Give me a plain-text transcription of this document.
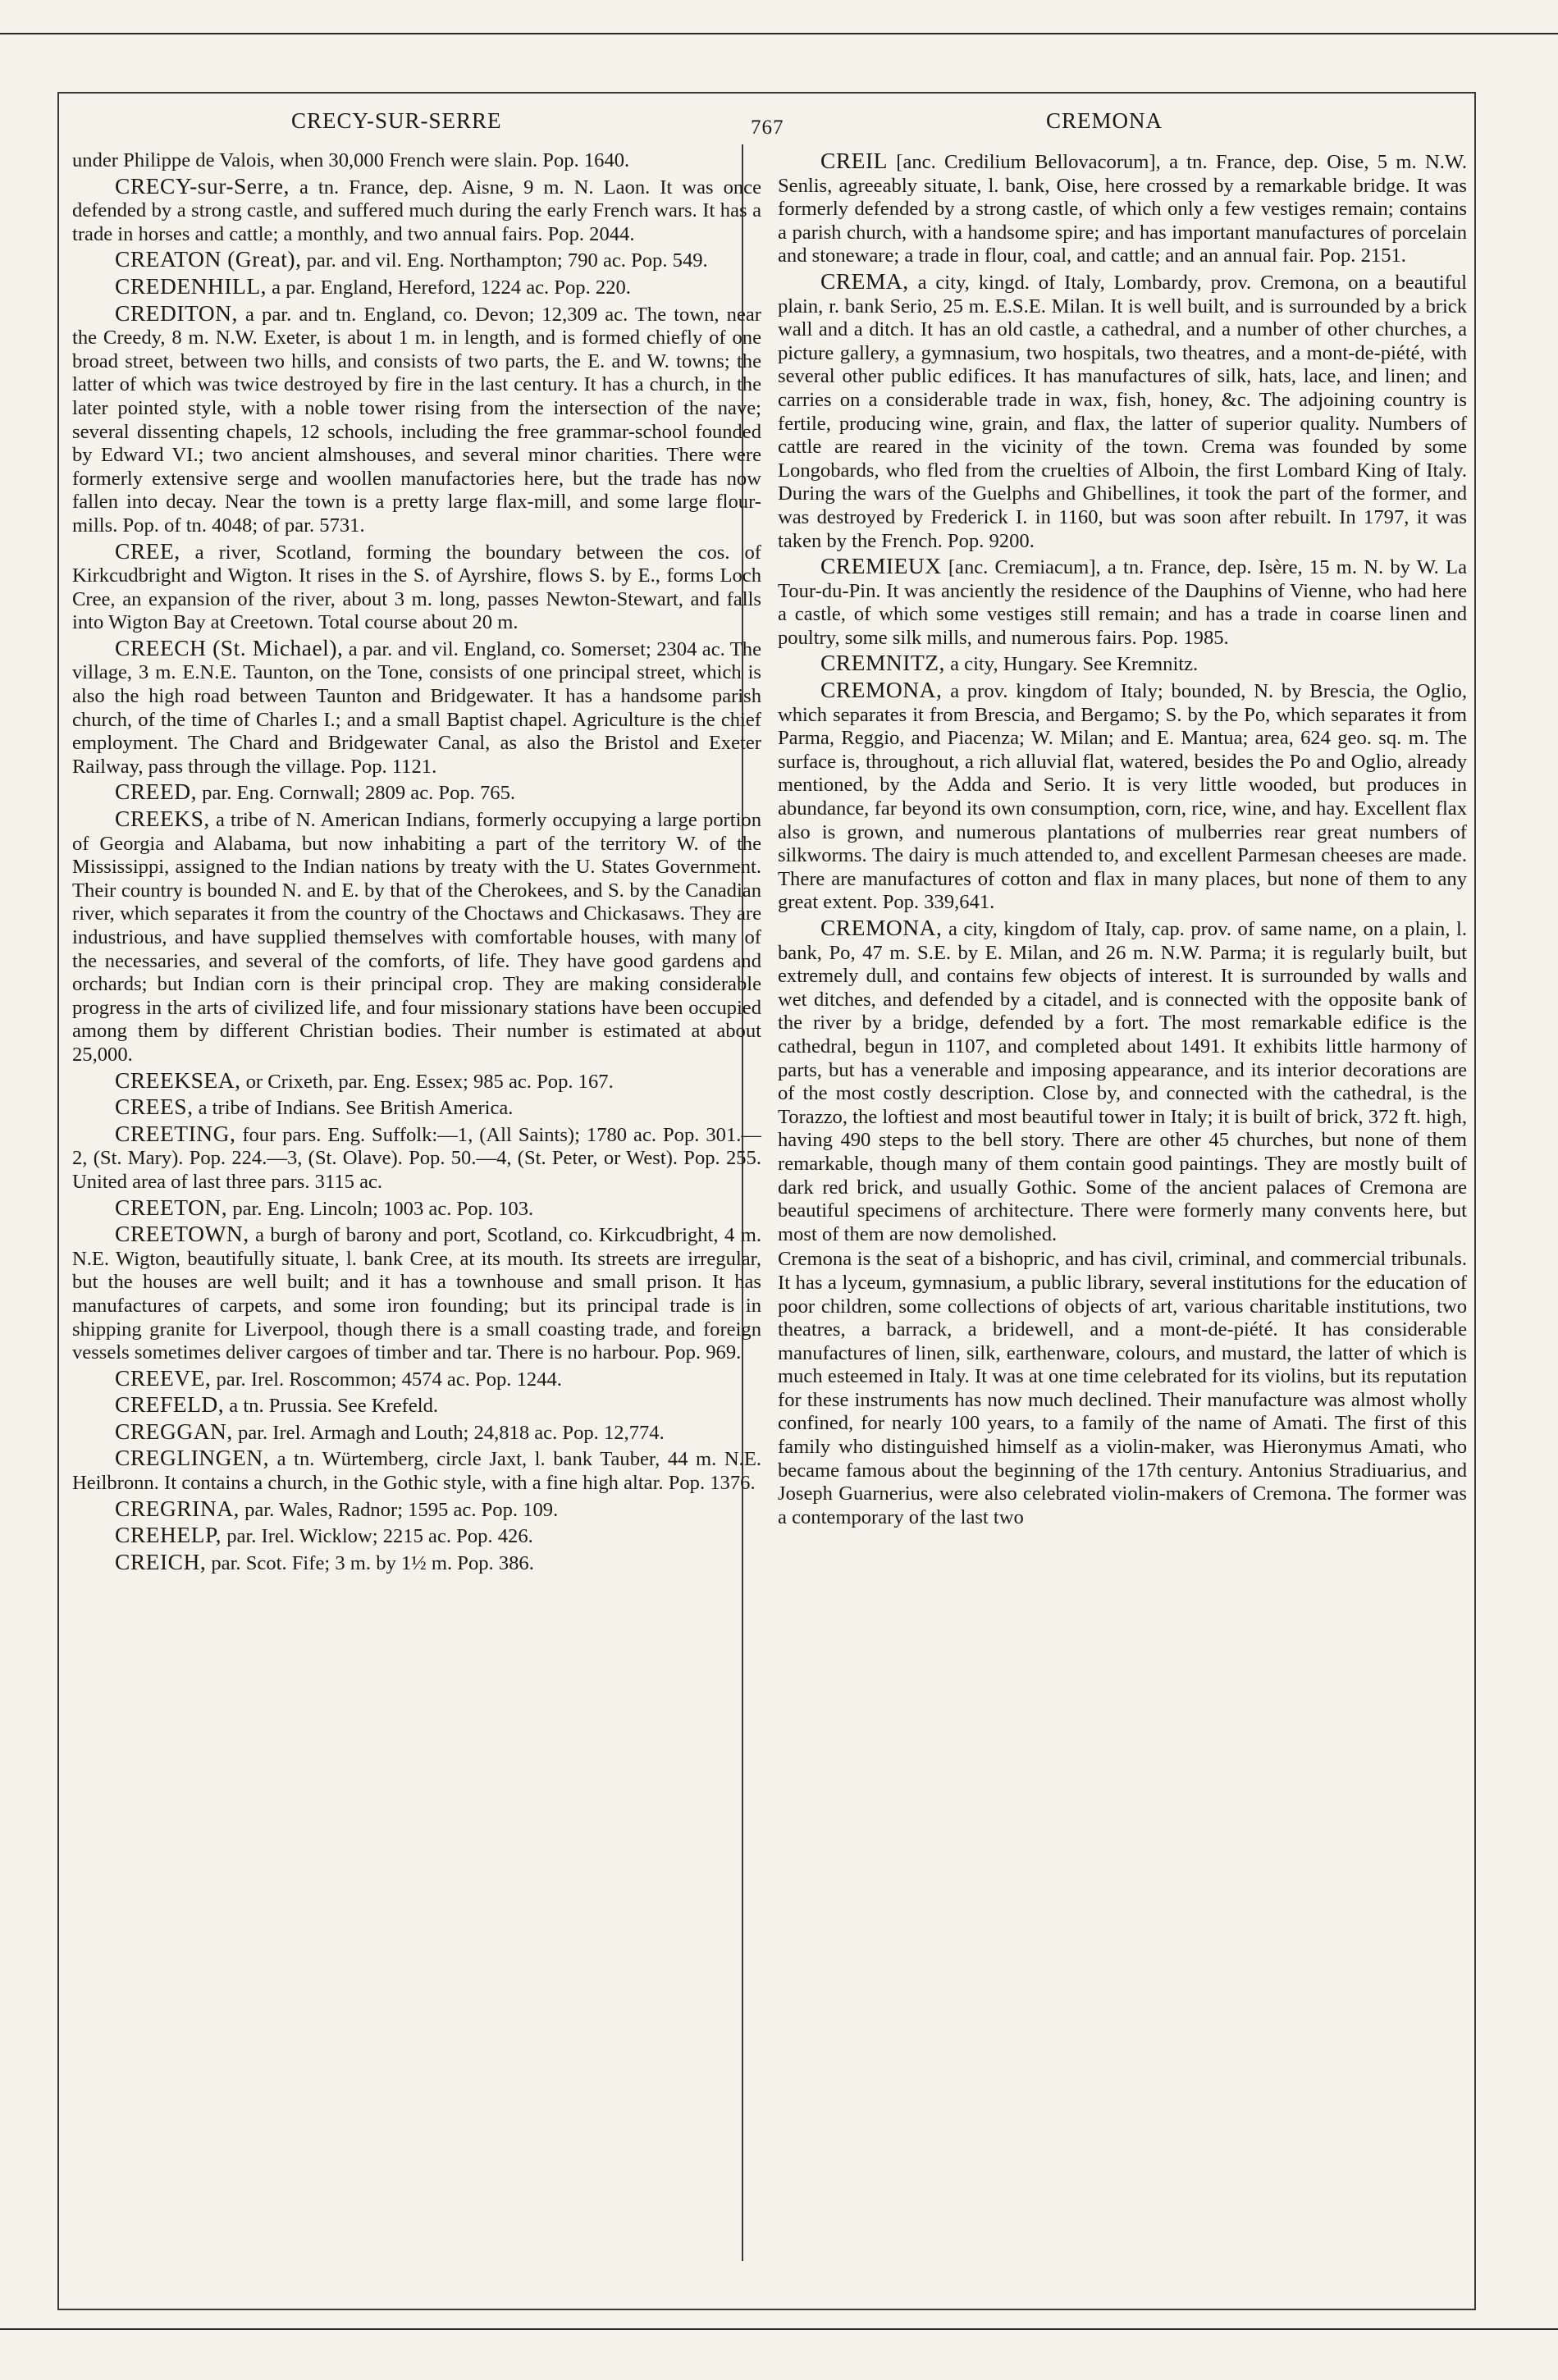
CRECY-SUR-SERRE	767	CREMONA

under Philippe de Valois, when 30,000 French were slain. Pop. 1640.

CRECY-sur-Serre, a tn. France, dep. Aisne, 9 m. N. Laon. It was once defended by a strong castle, and suffered much during the early French wars. It has a trade in horses and cattle; a monthly, and two annual fairs. Pop. 2044.

CREATON (Great), par. and vil. Eng. Northampton; 790 ac. Pop. 549.

CREDENHILL, a par. England, Hereford, 1224 ac. Pop. 220.

CREDITON, a par. and tn. England, co. Devon; 12,309 ac. The town, near the Creedy, 8 m. N.W. Exeter, is about 1 m. in length, and is formed chiefly of one broad street, between two hills, and consists of two parts, the E. and W. towns; the latter of which was twice destroyed by fire in the last century. It has a church, in the later pointed style, with a noble tower rising from the intersection of the nave; several dissenting chapels, 12 schools, including the free grammar-school founded by Edward VI.; two ancient almshouses, and several minor charities. There were formerly extensive serge and woollen manufactories here, but the trade has now fallen into decay. Near the town is a pretty large flax-mill, and some large flour-mills. Pop. of tn. 4048; of par. 5731.

CREE, a river, Scotland, forming the boundary between the cos. of Kirkcudbright and Wigton. It rises in the S. of Ayrshire, flows S. by E., forms Loch Cree, an expansion of the river, about 3 m. long, passes Newton-Stewart, and falls into Wigton Bay at Creetown. Total course about 20 m.

CREECH (St. Michael), a par. and vil. England, co. Somerset; 2304 ac. The village, 3 m. E.N.E. Taunton, on the Tone, consists of one principal street, which is also the high road between Taunton and Bridgewater. It has a handsome parish church, of the time of Charles I.; and a small Baptist chapel. Agriculture is the chief employment. The Chard and Bridgewater Canal, as also the Bristol and Exeter Railway, pass through the village. Pop. 1121.

CREED, par. Eng. Cornwall; 2809 ac. Pop. 765.

CREEKS, a tribe of N. American Indians, formerly occupying a large portion of Georgia and Alabama, but now inhabiting a part of the territory W. of the Mississippi, assigned to the Indian nations by treaty with the U. States Government. Their country is bounded N. and E. by that of the Cherokees, and S. by the Canadian river, which separates it from the country of the Choctaws and Chickasaws. They are industrious, and have supplied themselves with comfortable houses, with many of the necessaries, and several of the comforts, of life. They have good gardens and orchards; but Indian corn is their principal crop. They are making considerable progress in the arts of civilized life, and four missionary stations have been occupied among them by different Christian bodies. Their number is estimated at about 25,000.

CREEKSEA, or Crixeth, par. Eng. Essex; 985 ac. Pop. 167.

CREES, a tribe of Indians. See British America.

CREETING, four pars. Eng. Suffolk:—1, (All Saints); 1780 ac. Pop. 301.—2, (St. Mary). Pop. 224.—3, (St. Olave). Pop. 50.—4, (St. Peter, or West). Pop. 255. United area of last three pars. 3115 ac.

CREETON, par. Eng. Lincoln; 1003 ac. Pop. 103.

CREETOWN, a burgh of barony and port, Scotland, co. Kirkcudbright, 4 m. N.E. Wigton, beautifully situate, l. bank Cree, at its mouth. Its streets are irregular, but the houses are well built; and it has a townhouse and small prison. It has manufactures of carpets, and some iron founding; but its principal trade is in shipping granite for Liverpool, though there is a small coasting trade, and foreign vessels sometimes deliver cargoes of timber and tar. There is no harbour. Pop. 969.

CREEVE, par. Irel. Roscommon; 4574 ac. Pop. 1244.

CREFELD, a tn. Prussia. See Krefeld.

CREGGAN, par. Irel. Armagh and Louth; 24,818 ac. Pop. 12,774.

CREGLINGEN, a tn. Würtemberg, circle Jaxt, l. bank Tauber, 44 m. N.E. Heilbronn. It contains a church, in the Gothic style, with a fine high altar. Pop. 1376.

CREGRINA, par. Wales, Radnor; 1595 ac. Pop. 109.

CREHELP, par. Irel. Wicklow; 2215 ac. Pop. 426.

CREICH, par. Scot. Fife; 3 m. by 1½ m. Pop. 386.

CREIL [anc. Credilium Bellovacorum], a tn. France, dep. Oise, 5 m. N.W. Senlis, agreeably situate, l. bank, Oise, here crossed by a remarkable bridge. It was formerly defended by a strong castle, of which only a few vestiges remain; contains a parish church, with a handsome spire; and has important manufactures of porcelain and stoneware; a trade in flour, coal, and cattle; and an annual fair. Pop. 2151.

CREMA, a city, kingd. of Italy, Lombardy, prov. Cremona, on a beautiful plain, r. bank Serio, 25 m. E.S.E. Milan. It is well built, and is surrounded by a brick wall and a ditch. It has an old castle, a cathedral, and a number of other churches, a picture gallery, a gymnasium, two hospitals, two theatres, and a mont-de-piété, with several other public edifices. It has manufactures of silk, hats, lace, and linen; and carries on a considerable trade in wax, fish, honey, &c. The adjoining country is fertile, producing wine, grain, and flax, the latter of superior quality. Numbers of cattle are reared in the vicinity of the town. Crema was founded by some Longobards, who fled from the cruelties of Alboin, the first Lombard King of Italy. During the wars of the Guelphs and Ghibellines, it took the part of the former, and was destroyed by Frederick I. in 1160, but was soon after rebuilt. In 1797, it was taken by the French. Pop. 9200.

CREMIEUX [anc. Cremiacum], a tn. France, dep. Isère, 15 m. N. by W. La Tour-du-Pin. It was anciently the residence of the Dauphins of Vienne, who had here a castle, of which some vestiges still remain; and has a trade in coarse linen and poultry, some silk mills, and numerous fairs. Pop. 1985.

CREMNITZ, a city, Hungary. See Kremnitz.

CREMONA, a prov. kingdom of Italy; bounded, N. by Brescia, the Oglio, which separates it from Brescia, and Bergamo; S. by the Po, which separates it from Parma, Reggio, and Piacenza; W. Milan; and E. Mantua; area, 624 geo. sq. m. The surface is, throughout, a rich alluvial flat, watered, besides the Po and Oglio, already mentioned, by the Adda and Serio. It is very little wooded, but produces in abundance, far beyond its own consumption, corn, rice, wine, and hay. Excellent flax also is grown, and numerous plantations of mulberries rear great numbers of silkworms. The dairy is much attended to, and excellent Parmesan cheeses are made. There are manufactures of cotton and flax in many places, but none of them to any great extent. Pop. 339,641.

CREMONA, a city, kingdom of Italy, cap. prov. of same name, on a plain, l. bank, Po, 47 m. S.E. by E. Milan, and 26 m. N.W. Parma; it is regularly built, but extremely dull, and contains few objects of interest. It is surrounded by walls and wet ditches, and defended by a citadel, and is connected with the opposite bank of the river by a bridge, defended by a fort. The most remarkable edifice is the cathedral, begun in 1107, and completed about 1491. It exhibits little harmony of parts, but has a venerable and imposing appearance, and its interior decorations are of the most costly description. Close by, and connected with the cathedral, is the Torazzo, the loftiest and most beautiful tower in Italy; it is built of brick, 372 ft. high, having 490 steps to the bell story. There are other 45 churches, but none of them remarkable, though many of them contain good paintings. They are mostly built of dark red brick, and usually Gothic. Some of the ancient palaces of Cremona are beautiful specimens of architecture. There were formerly many convents here, but most of them are now demolished.

Cremona is the seat of a bishopric, and has civil, criminal, and commercial tribunals. It has a lyceum, gymnasium, a public library, several institutions for the education of poor children, some collections of objects of art, various charitable institutions, two theatres, a barrack, a bridewell, and a mont-de-piété. It has considerable manufactures of linen, silk, earthenware, colours, and mustard, the latter of which is much esteemed in Italy. It was at one time celebrated for its violins, but its reputation for these instruments has now much declined. Their manufacture was almost wholly confined, for nearly 100 years, to a family of the name of Amati. The first of this family who distinguished himself as a violin-maker, was Hieronymus Amati, who became famous about the beginning of the 17th century. Antonius Stradiuarius, and Joseph Guarnerius, were also celebrated violin-makers of Cremona. The former was a contemporary of the last two
